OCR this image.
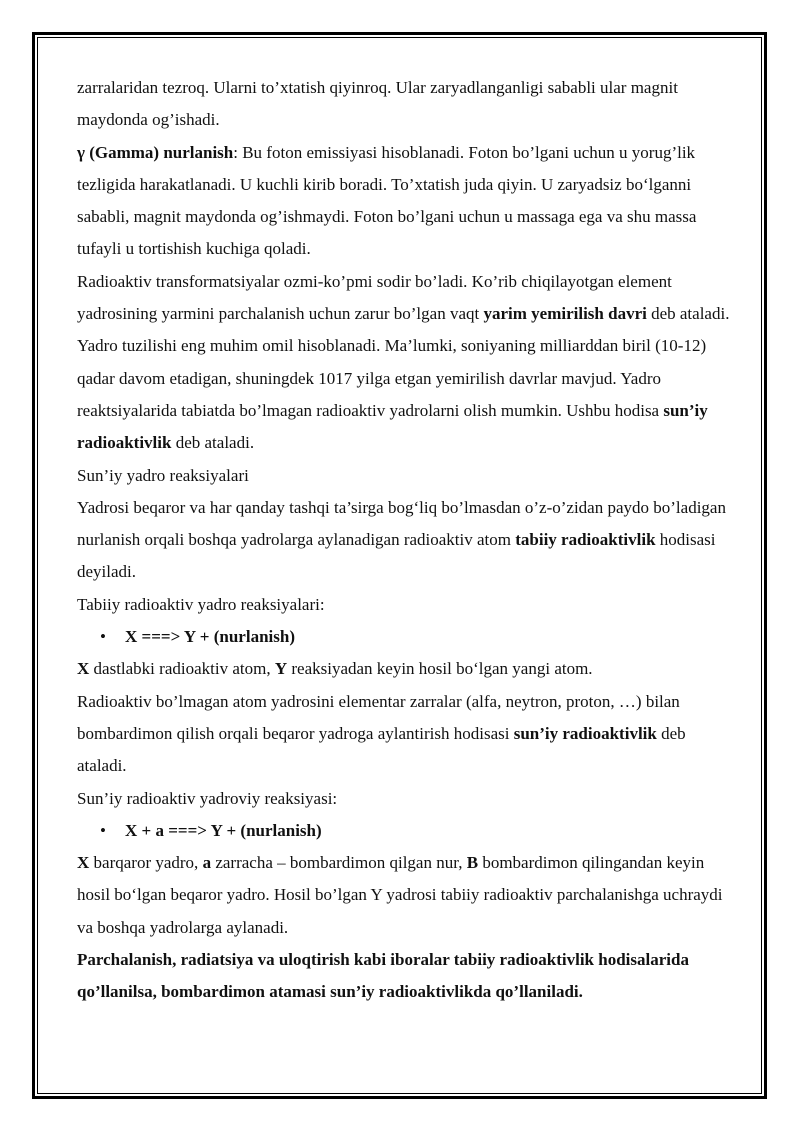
zarralaridan tezroq. Ularni to’xtatish qiyinroq. Ular zaryadlanganligi sababli ular magnit maydonda og’ishadi.

γ (Gamma) nurlanish: Bu foton emissiyasi hisoblanadi. Foton bo’lgani uchun u yorug’lik tezligida harakatlanadi. U kuchli kirib boradi. To’xtatish juda qiyin. U zaryadsiz bo‘lganni sababli, magnit maydonda og’ishmaydi. Foton bo’lgani uchun u massaga ega va shu massa tufayli u tortishish kuchiga qoladi.

Radioaktiv transformatsiyalar ozmi-ko’pmi sodir bo’ladi. Ko’rib chiqilayotgan element yadrosining yarmini parchalanish uchun zarur bo’lgan vaqt yarim yemirilish davri deb ataladi. Yadro tuzilishi eng muhim omil hisoblanadi. Ma’lumki, soniyaning milliarddan biril (10-12) qadar davom etadigan, shuningdek 1017 yilga etgan yemirilish davrlar mavjud. Yadro reaktsiyalarida tabiatda bo’lmagan radioaktiv yadrolarni olish mumkin. Ushbu hodisa sun’iy radioaktivlik deb ataladi.

Sun’iy yadro reaksiyalari

Yadrosi beqaror va har qanday tashqi ta’sirga bog‘liq bo’lmasdan o’z-o’zidan paydo bo’ladigan nurlanish orqali boshqa yadrolarga aylanadigan radioaktiv atom tabiiy radioaktivlik hodisasi deyiladi.

Tabiiy radioaktiv yadro reaksiyalari:

• X ===> Y + (nurlanish)

X dastlabki radioaktiv atom, Y reaksiyadan keyin hosil bo‘lgan yangi atom.

Radioaktiv bo’lmagan atom yadrosini elementar zarralar (alfa, neytron, proton, …) bilan bombardimon qilish orqali beqaror yadroga aylantirish hodisasi sun’iy radioaktivlik deb ataladi.

Sun’iy radioaktiv yadroviy reaksiyasi:

• X + a ===> Y + (nurlanish)

X barqaror yadro, a zarracha – bombardimon qilgan nur, B bombardimon qilingandan keyin hosil bo‘lgan beqaror yadro. Hosil bo’lgan Y yadrosi tabiiy radioaktiv parchalanishga uchraydi va boshqa yadrolarga aylanadi.

Parchalanish, radiatsiya va uloqtirish kabi iboralar tabiiy radioaktivlik hodisalarida qo’llanilsa, bombardimon atamasi sun’iy radioaktivlikda qo’llaniladi.
